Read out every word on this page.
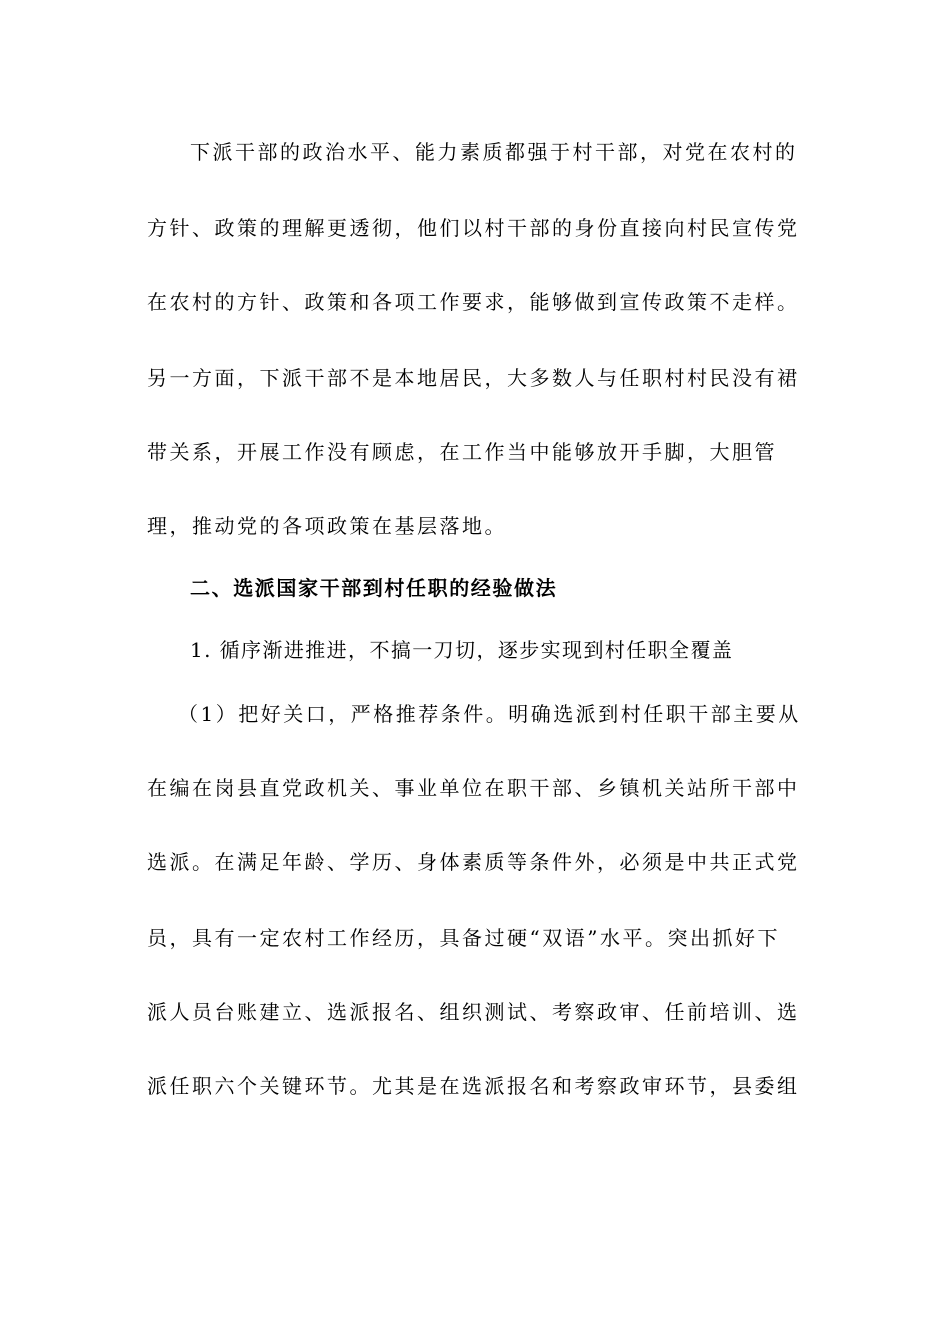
下派干部的政治水平、能力素质都强于村干部，对党在农村的
方针、政策的理解更透彻，他们以村干部的身份直接向村民宣传党
在农村的方针、政策和各项工作要求，能够做到宣传政策不走样。
另一方面，下派干部不是本地居民，大多数人与任职村村民没有裙
带关系，开展工作没有顾虑，在工作当中能够放开手脚，大胆管
理，推动党的各项政策在基层落地。
二、选派国家干部到村任职的经验做法
1. 循序渐进推进，不搞一刀切，逐步实现到村任职全覆盖
（1）把好关口，严格推荐条件。明确选派到村任职干部主要从
在编在岗县直党政机关、事业单位在职干部、乡镇机关站所干部中
选派。在满足年龄、学历、身体素质等条件外，必须是中共正式党
员，具有一定农村工作经历，具备过硬“双语”水平。突出抓好下
派人员台账建立、选派报名、组织测试、考察政审、任前培训、选
派任职六个关键环节。尤其是在选派报名和考察政审环节，县委组
